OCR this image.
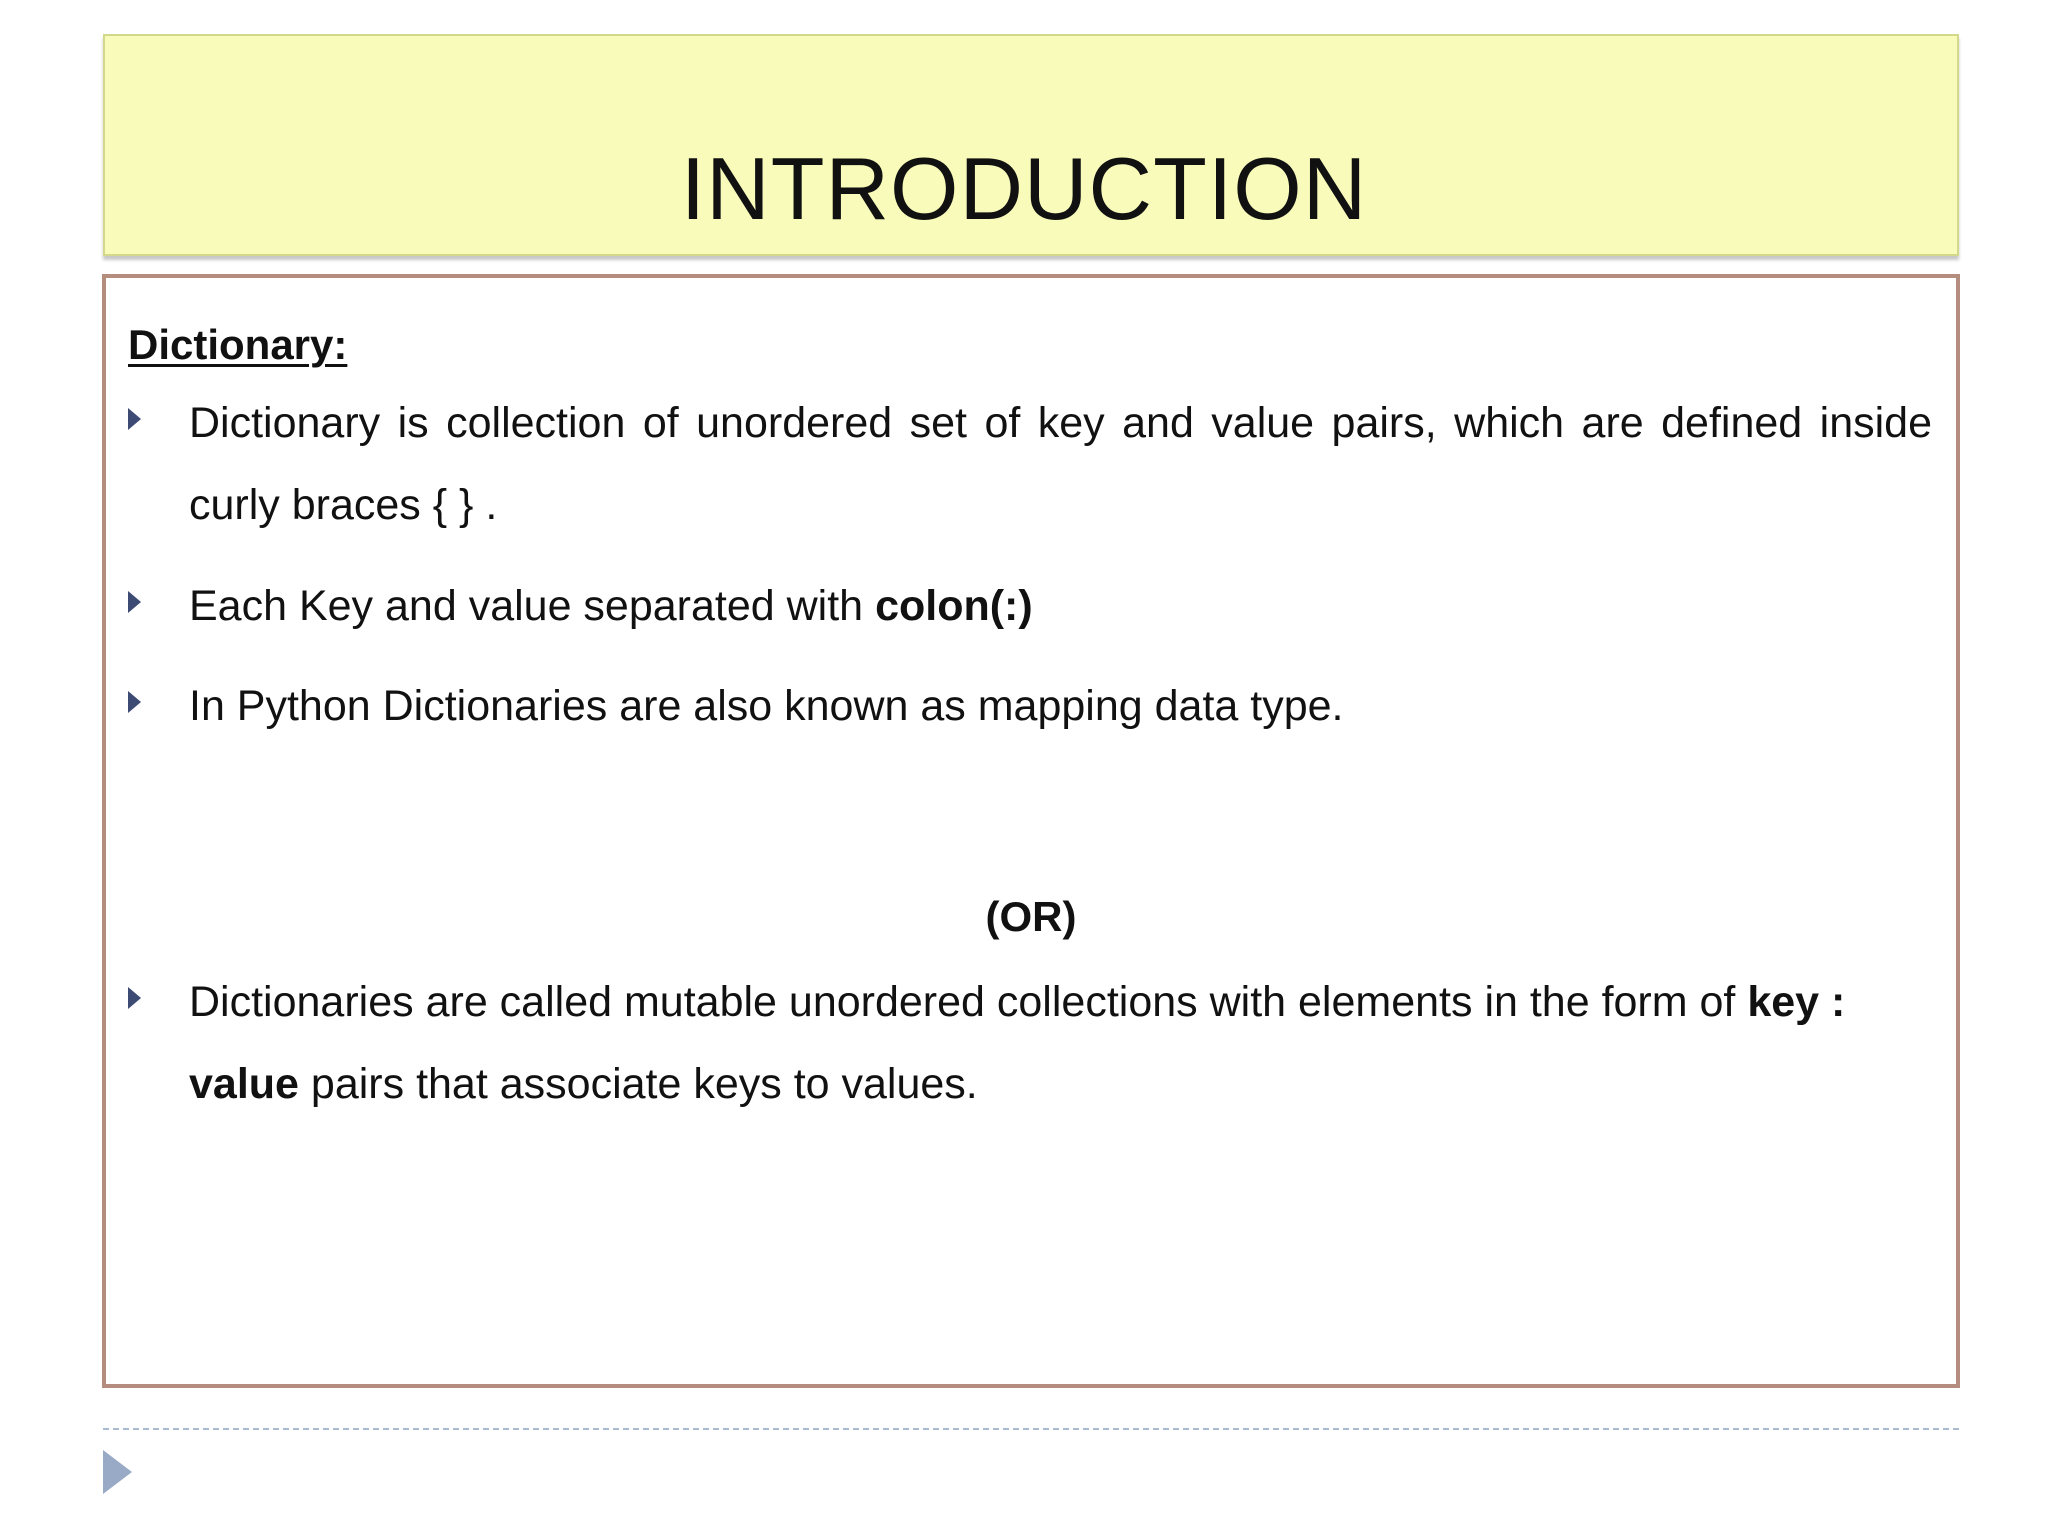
INTRODUCTION
Dictionary:
Dictionary is collection of unordered set of key and value pairs, which are defined inside curly braces { } .
Each Key and value separated with colon(:)
In Python Dictionaries are also known as mapping data type.
(OR)
Dictionaries are called mutable unordered collections with elements in the form of key : value pairs that associate keys to values.
